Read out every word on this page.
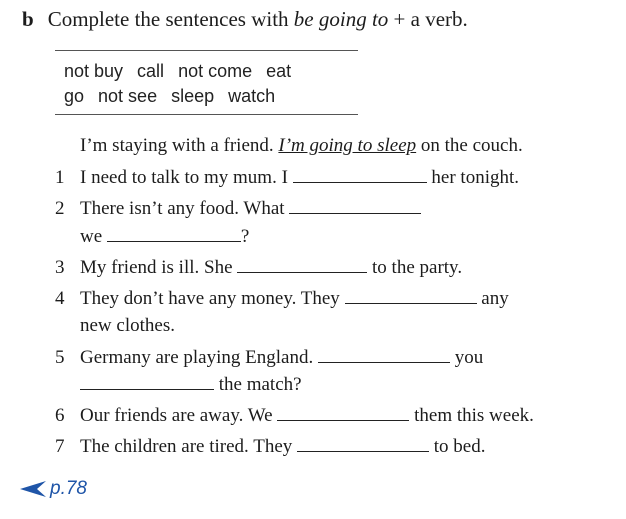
b Complete the sentences with be going to + a verb.
not buy call not come eat
go not see sleep watch
I’m staying with a friend. I’m going to sleep on the couch.
1 I need to talk to my mum. I	her tonight.
2 There isn’t any food. What
we	?
3 My friend is ill. She	to the party.
4 They don’t have any money. They	any
new clothes.
5 Germany are playing England.	you
the match?
6 Our friends are away. We	them this week.
7 The children are tired. They	to bed.
p.78
